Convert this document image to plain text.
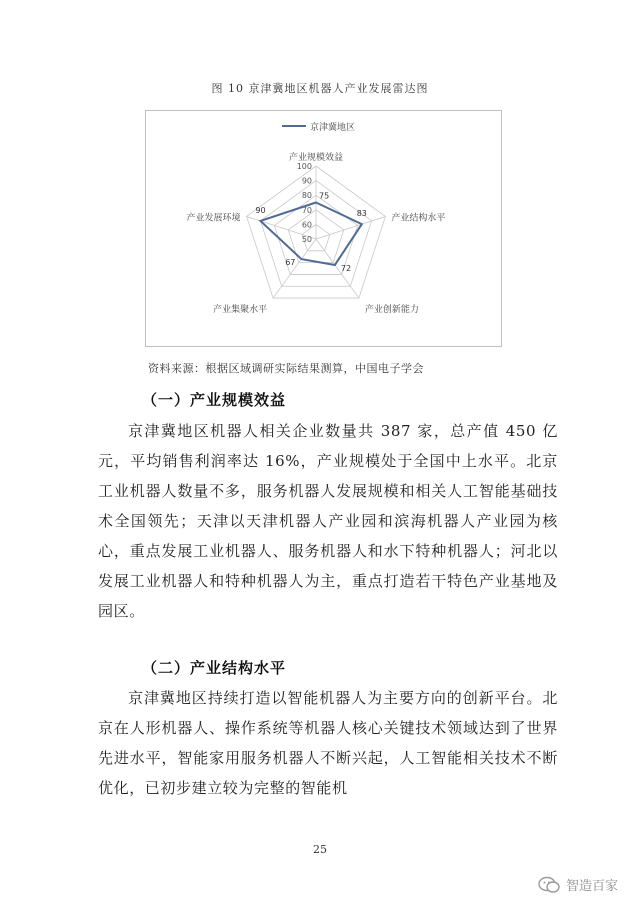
图 10 京津冀地区机器人产业发展雷达图
京津冀地区
50
60
70
80
90
100
产业规模效益
产业结构水平
产业创新能力
产业集聚水平
产业发展环境
75
83
72
67
90
资料来源：根据区域调研实际结果测算，中国电子学会
（一）产业规模效益

京津冀地区机器人相关企业数量共 387 家，总产值 450 亿元，平均销售利润率达 16%，产业规模处于全国中上水平。北京工业机器人数量不多，服务机器人发展规模和相关人工智能基础技术全国领先；天津以天津机器人产业园和滨海机器人产业园为核心，重点发展工业机器人、服务机器人和水下特种机器人；河北以发展工业机器人和特种机器人为主，重点打造若干特色产业基地及园区。

（二）产业结构水平

京津冀地区持续打造以智能机器人为主要方向的创新平台。北京在人形机器人、操作系统等机器人核心关键技术领域达到了世界先进水平，智能家用服务机器人不断兴起，人工智能相关技术不断优化，已初步建立较为完整的智能机

25
智造百家
